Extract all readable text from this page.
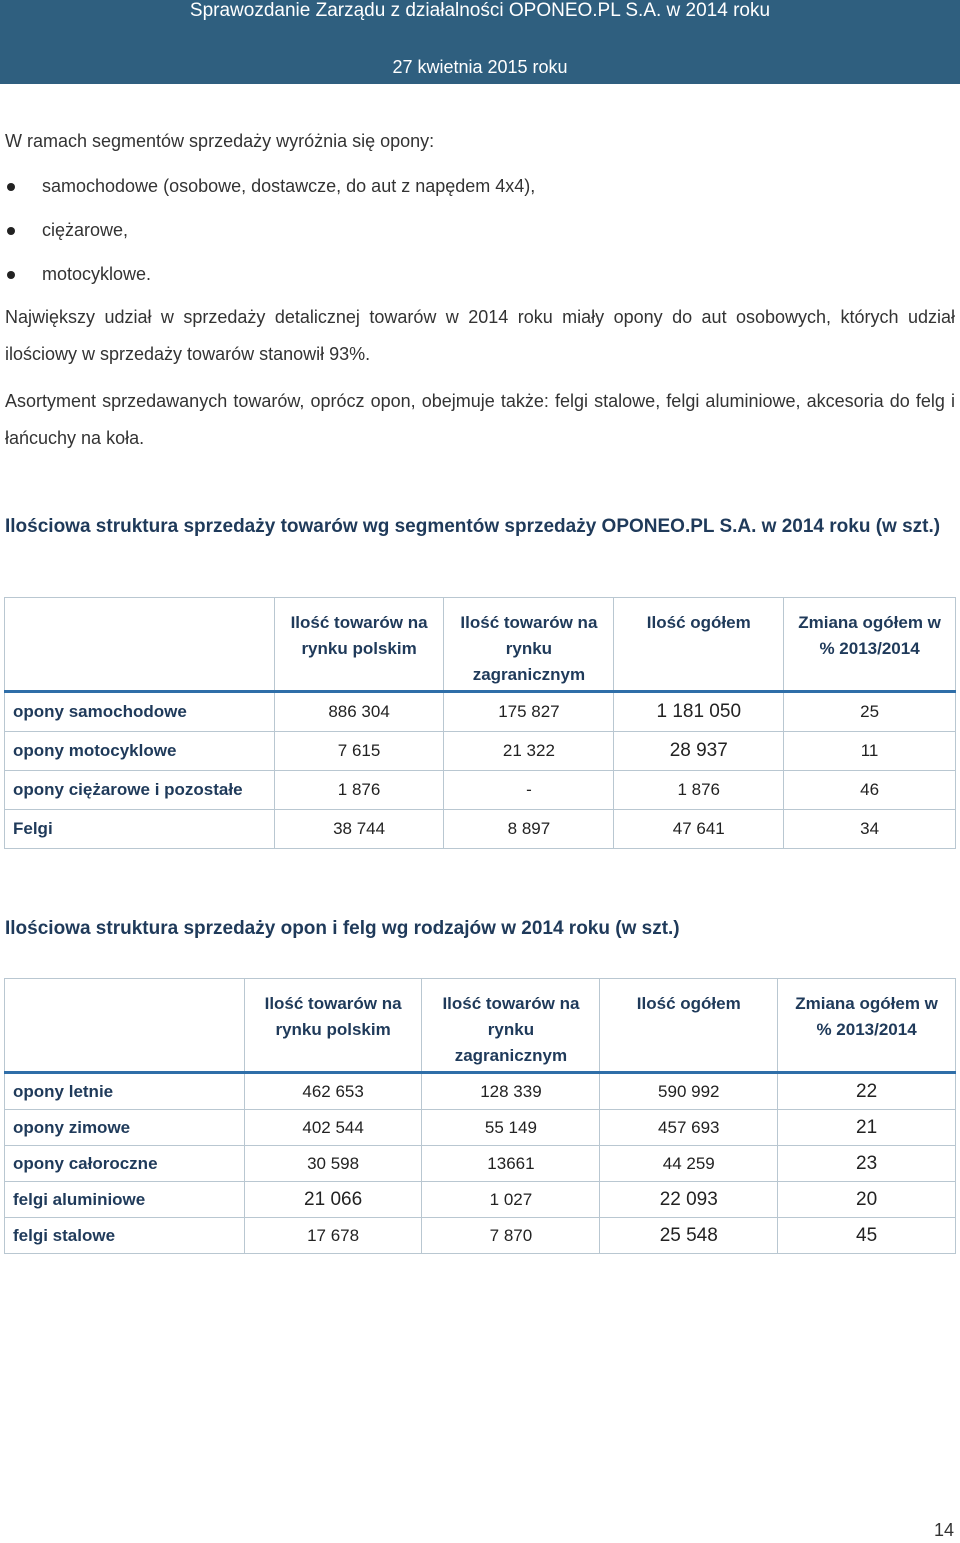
Sprawozdanie Zarządu z działalności OPONEO.PL S.A. w 2014 roku
27 kwietnia 2015 roku
W ramach segmentów sprzedaży wyróżnia się opony:
samochodowe (osobowe, dostawcze, do aut z napędem 4x4),
ciężarowe,
motocyklowe.
Największy udział w sprzedaży detalicznej towarów w 2014 roku miały opony do aut osobowych, których udział ilościowy w sprzedaży towarów stanowił 93%.
Asortyment sprzedawanych towarów, oprócz opon, obejmuje także: felgi stalowe, felgi aluminiowe, akcesoria do felg i łańcuchy na koła.
Ilościowa struktura sprzedaży towarów wg segmentów sprzedaży OPONEO.PL S.A. w 2014 roku (w szt.)
	Ilość towarów na rynku polskim	Ilość towarów na rynku zagranicznym	Ilość ogółem	Zmiana ogółem w % 2013/2014
opony samochodowe	886 304	175 827	1 181 050	25
opony motocyklowe	7 615	21 322	28 937	11
opony ciężarowe i pozostałe	1 876	-	1 876	46
Felgi	38 744	8 897	47 641	34
Ilościowa struktura sprzedaży opon i felg wg rodzajów w 2014 roku (w szt.)
	Ilość towarów na rynku polskim	Ilość towarów na rynku zagranicznym	Ilość ogółem	Zmiana ogółem w % 2013/2014
opony letnie	462 653	128 339	590 992	22
opony zimowe	402 544	55 149	457 693	21
opony całoroczne	30 598	13661	44 259	23
felgi aluminiowe	21 066	1 027	22 093	20
felgi stalowe	17 678	7 870	25 548	45
14
